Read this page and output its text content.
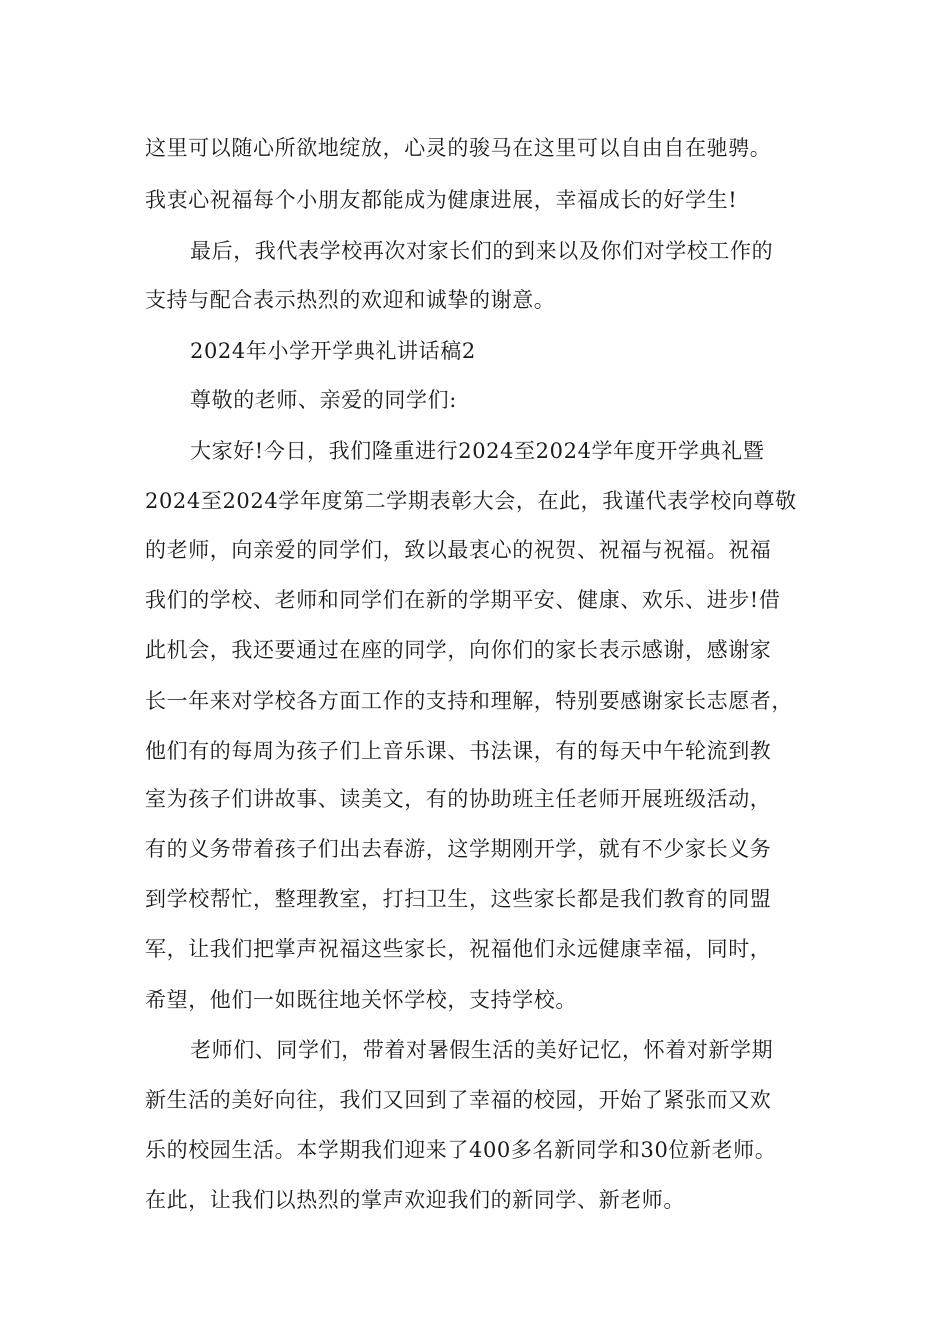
这里可以随心所欲地绽放，心灵的骏马在这里可以自由自在驰骋。
我衷心祝福每个小朋友都能成为健康进展，幸福成长的好学生!
最后，我代表学校再次对家长们的到来以及你们对学校工作的
支持与配合表示热烈的欢迎和诚挚的谢意。
2024年小学开学典礼讲话稿2
尊敬的老师、亲爱的同学们:
大家好!今日，我们隆重进行2024至2024学年度开学典礼暨
2024至2024学年度第二学期表彰大会，在此，我谨代表学校向尊敬
的老师，向亲爱的同学们，致以最衷心的祝贺、祝福与祝福。祝福
我们的学校、老师和同学们在新的学期平安、健康、欢乐、进步!借
此机会，我还要通过在座的同学，向你们的家长表示感谢，感谢家
长一年来对学校各方面工作的支持和理解，特别要感谢家长志愿者，
他们有的每周为孩子们上音乐课、书法课，有的每天中午轮流到教
室为孩子们讲故事、读美文，有的协助班主任老师开展班级活动，
有的义务带着孩子们出去春游，这学期刚开学，就有不少家长义务
到学校帮忙，整理教室，打扫卫生，这些家长都是我们教育的同盟
军，让我们把掌声祝福这些家长，祝福他们永远健康幸福，同时，
希望，他们一如既往地关怀学校，支持学校。
老师们、同学们，带着对暑假生活的美好记忆，怀着对新学期
新生活的美好向往，我们又回到了幸福的校园，开始了紧张而又欢
乐的校园生活。本学期我们迎来了400多名新同学和30位新老师。
在此，让我们以热烈的掌声欢迎我们的新同学、新老师。
